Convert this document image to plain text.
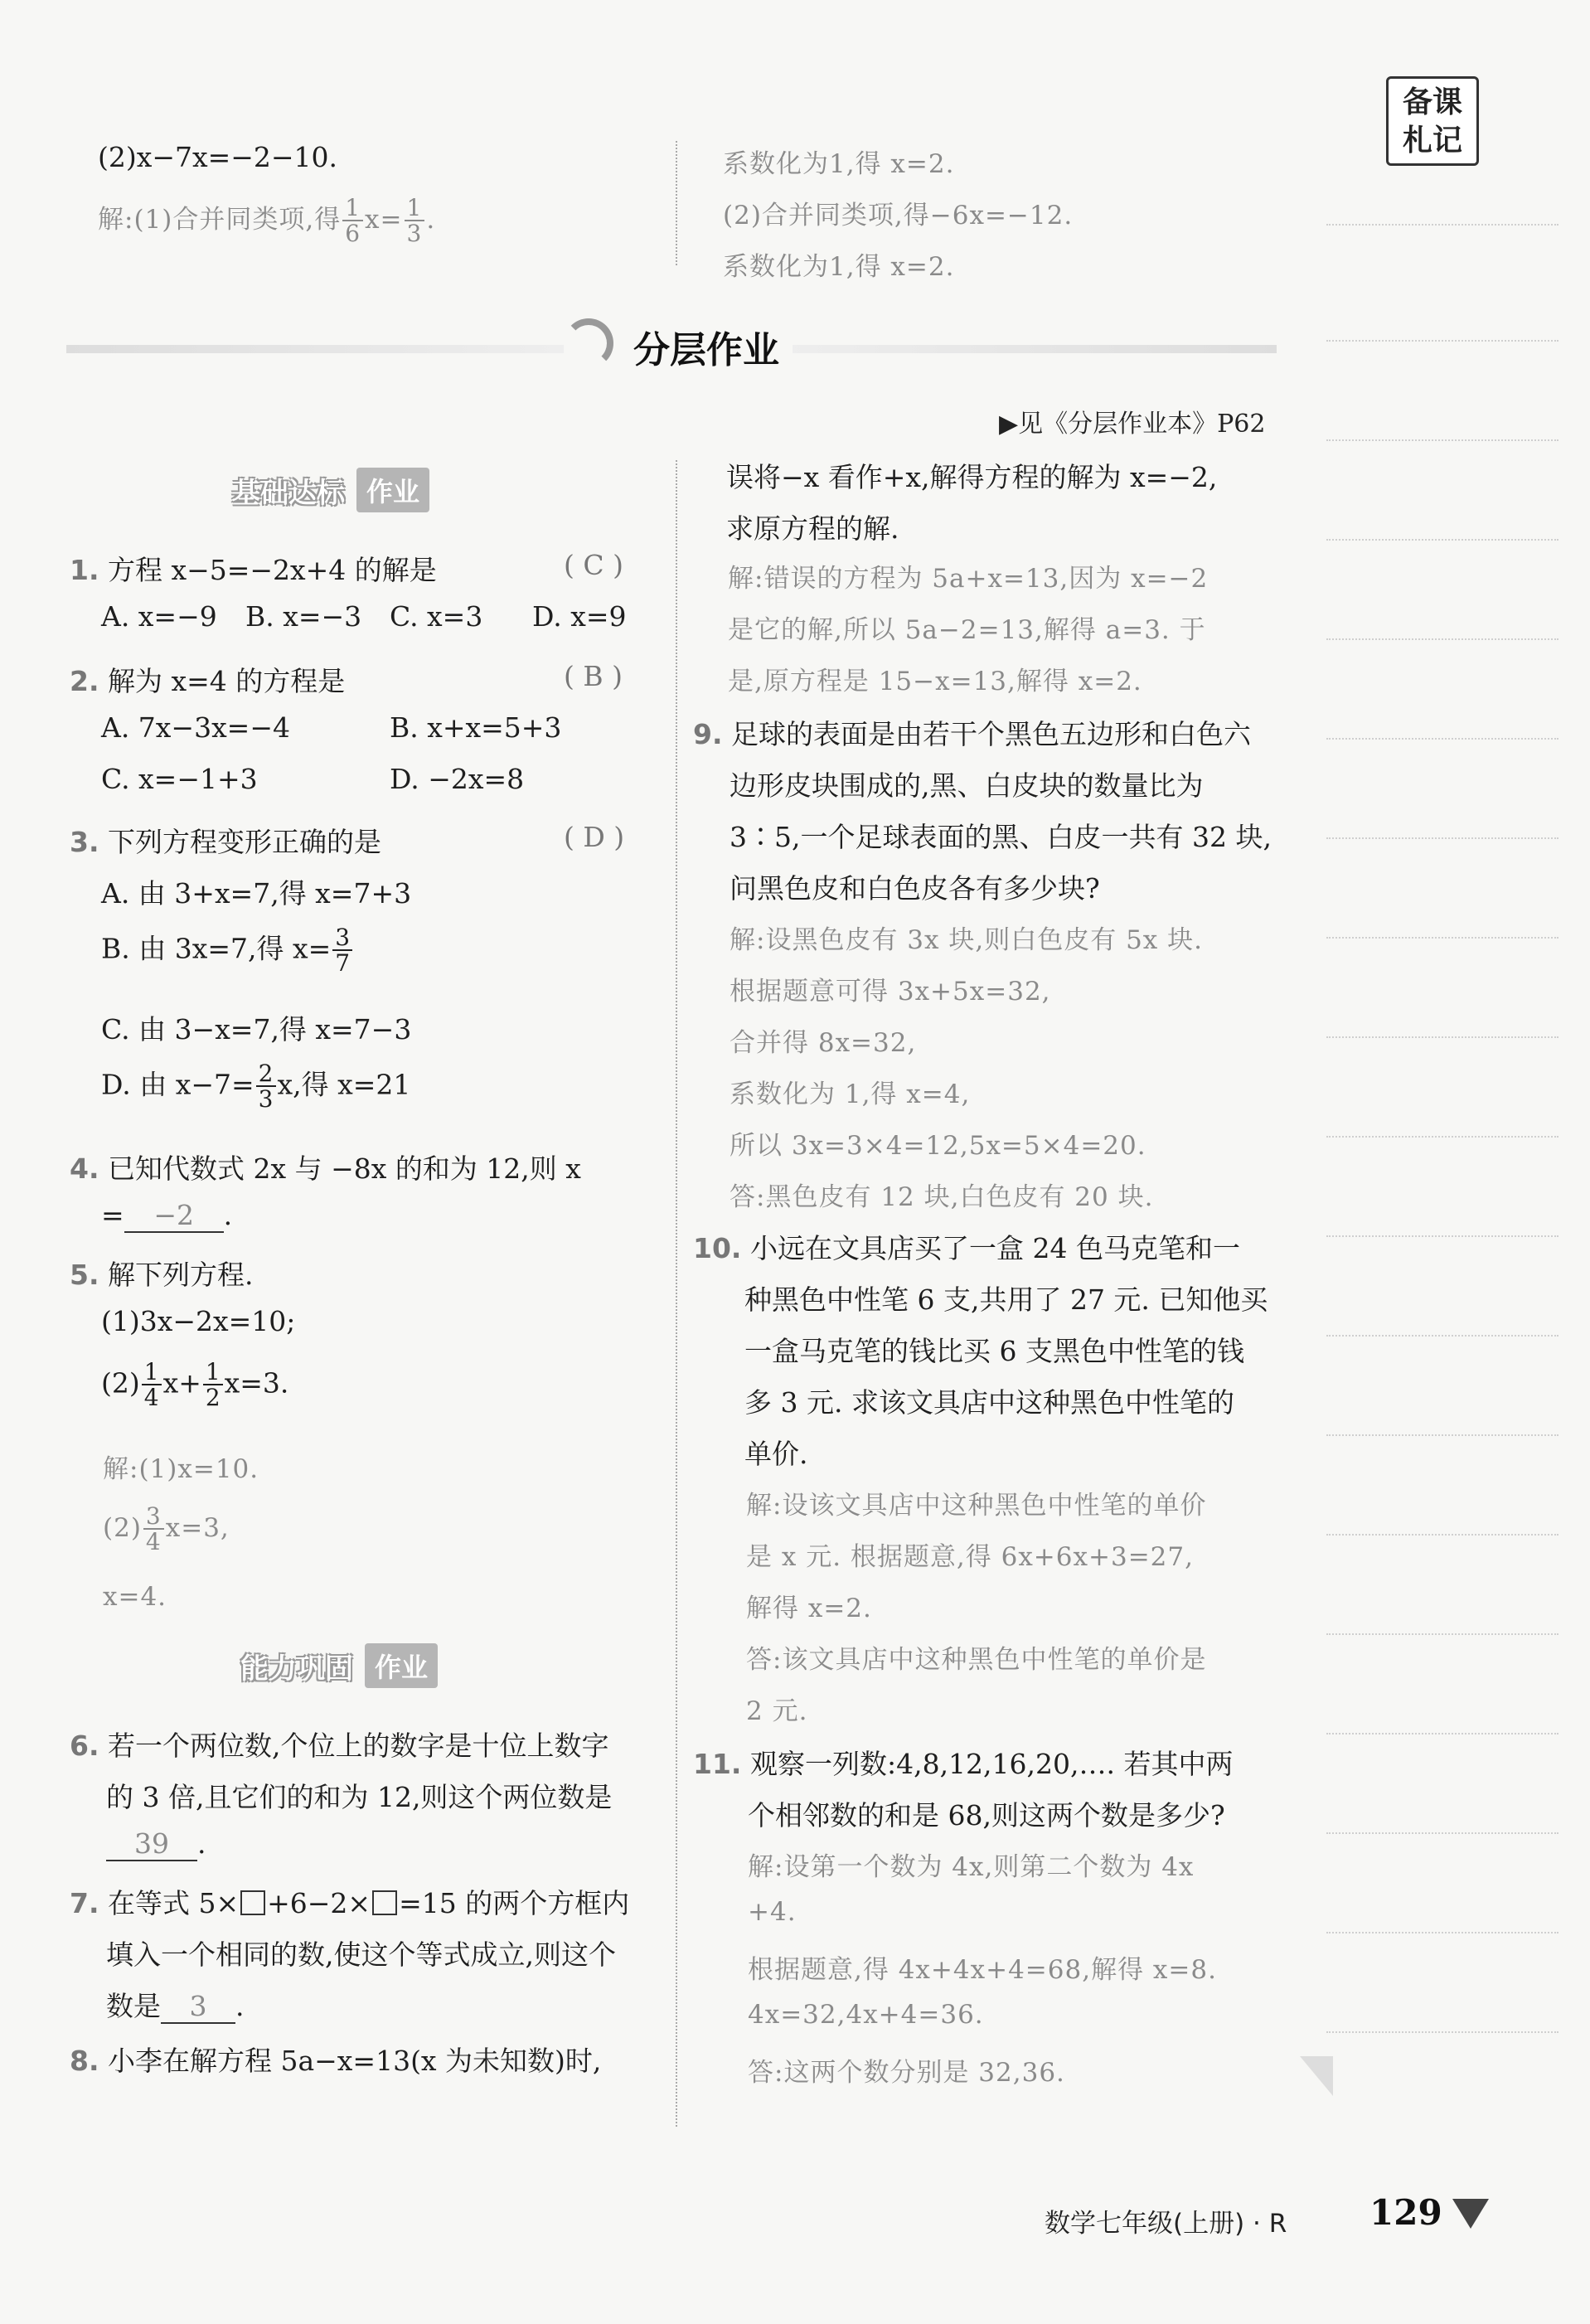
备课
札记
(2)x−7x=−2−10.
解:(1)合并同类项,得 $\frac{1}{6} x= \frac{1}{3}$ .
系数化为1,得 x=2.
(2)合并同类项,得−6x=−12.
系数化为1,得 x=2.
分层作业
▶见《分层作业本》P62
基础达标 作业
1. 方程 x−5=−2x+4 的解是	( C )
A. x=−9 B. x=−3 C. x=3 D. x=9
2. 解为 x=4 的方程是	( B )
A. 7x−3x=−4	B. x+x=5+3
C. x=−1+3	D. −2x=8
3. 下列方程变形正确的是	( D )
A. 由 3+x=7,得 x=7+3
B. 由 3x=7,得 $x= \frac{3}{7}$
C. 由 3−x=7,得 x=7−3
D. 由 $x-7= \frac{2}{3} x$,得 x=21
4. 已知代数式 2x 与 −8x 的和为 12,则 x
= −2 .
5. 解下列方程.
(1)3x−2x=10;
$(2) \frac{1}{4} x+ \frac{1}{2} x=3$.
解:(1)x=10.
$(2) \frac{3}{4} x=3$,
x=4.
能力巩固 作业
6. 若一个两位数,个位上的数字是十位上数字
的 3 倍,且它们的和为 12,则这个两位数是
39 .
7. 在等式 5× +6−2× =15 的两个方框内
填入一个相同的数,使这个等式成立,则这个
数是 3 .
8. 小李在解方程 5a−x=13(x 为未知数)时,
误将−x 看作+x,解得方程的解为 x=−2,
求原方程的解.
解:错误的方程为 5a+x=13,因为 x=−2
是它的解,所以 5a−2=13,解得 a=3. 于
是,原方程是 15−x=13,解得 x=2.
9. 足球的表面是由若干个黑色五边形和白色六
边形皮块围成的,黑、白皮块的数量比为
3∶5,一个足球表面的黑、白皮一共有 32 块,
问黑色皮和白色皮各有多少块?
解:设黑色皮有 3x 块,则白色皮有 5x 块.
根据题意可得 3x+5x=32,
合并得 8x=32,
系数化为 1,得 x=4,
所以 3x=3×4=12,5x=5×4=20.
答:黑色皮有 12 块,白色皮有 20 块.
10. 小远在文具店买了一盒 24 色马克笔和一
种黑色中性笔 6 支,共用了 27 元. 已知他买
一盒马克笔的钱比买 6 支黑色中性笔的钱
多 3 元. 求该文具店中这种黑色中性笔的
单价.
解:设该文具店中这种黑色中性笔的单价
是 x 元. 根据题意,得 6x+6x+3=27,
解得 x=2.
答:该文具店中这种黑色中性笔的单价是
2 元.
11. 观察一列数:4,8,12,16,20,…. 若其中两
个相邻数的和是 68,则这两个数是多少?
解:设第一个数为 4x,则第二个数为 4x
+4.
根据题意,得 4x+4x+4=68,解得 x=8.
4x=32,4x+4=36.
答:这两个数分别是 32,36.
数学七年级(上册) · R 129
